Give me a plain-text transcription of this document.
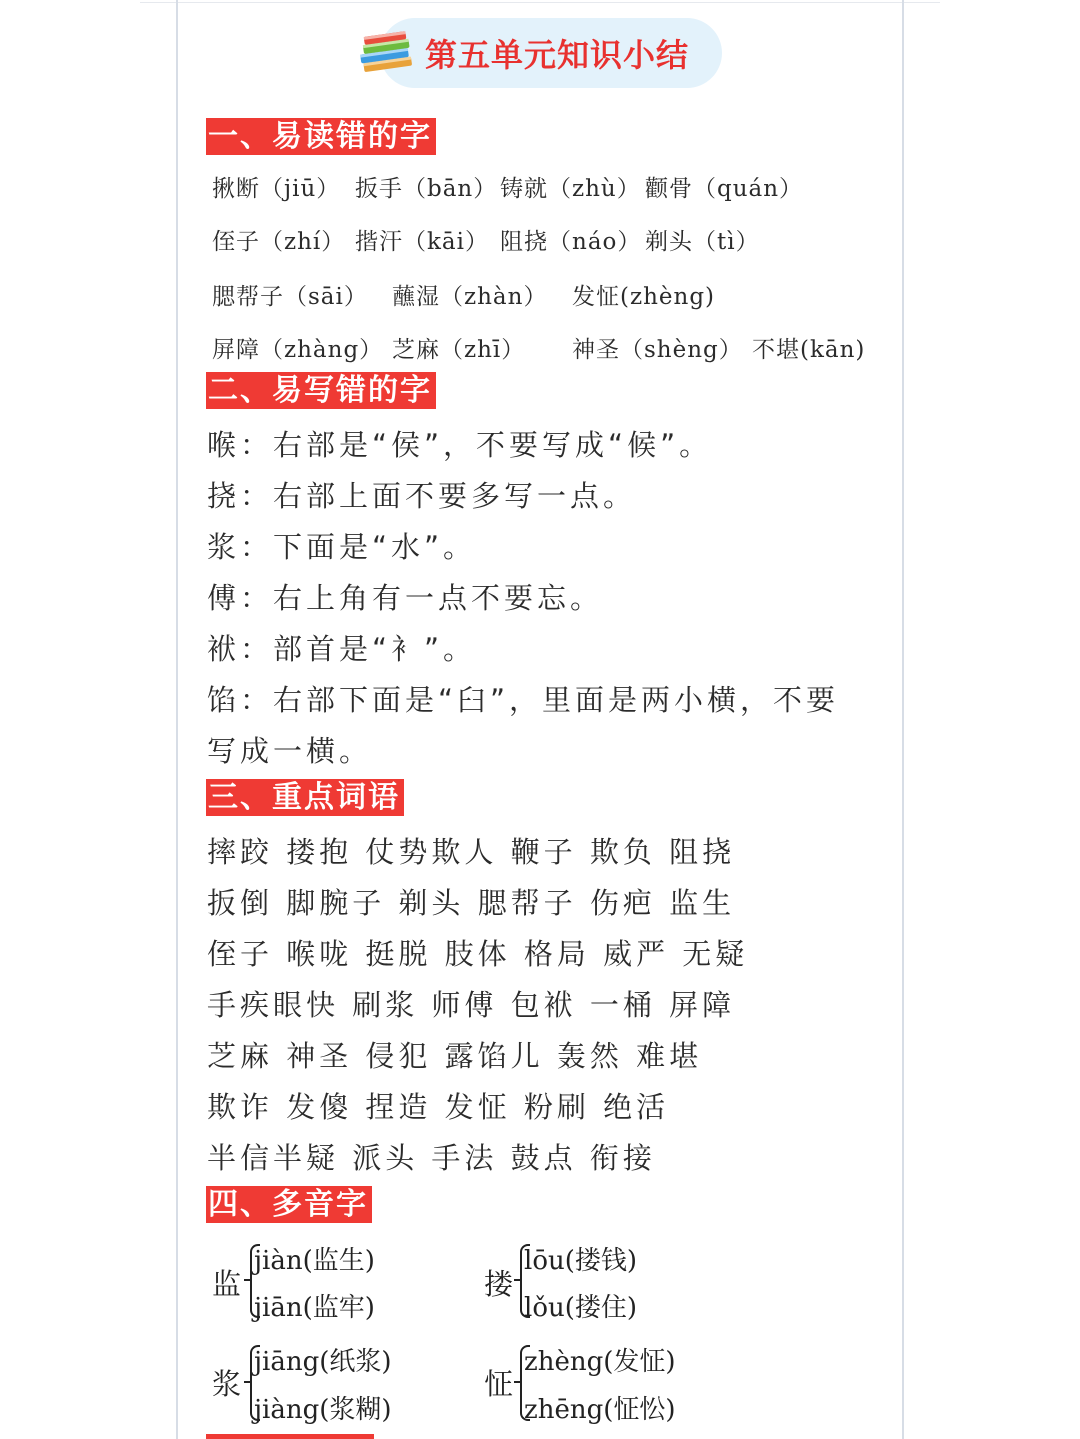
第五单元知识小结
一、易读错的字
揪断（jiū） 扳手（bān） 铸就（zhù） 颧骨（quán）
侄子（zhí） 揩汗（kāi） 阻挠（náo） 剃头（tì）
腮帮子（sāi） 蘸湿（zhàn） 发怔(zhèng)
屏障（zhàng） 芝麻（zhī） 神圣（shèng） 不堪(kān)
二、易写错的字
喉：右部是“侯”，不要写成“候”。
挠：右部上面不要多写一点。
浆：下面是“水”。
傅：右上角有一点不要忘。
袱：部首是“衤”。
馅：右部下面是“臼”，里面是两小横，不要
写成一横。
三、重点词语
摔跤 搂抱 仗势欺人 鞭子 欺负 阻挠
扳倒 脚腕子 剃头 腮帮子 伤疤 监生
侄子 喉咙 挺脱 肢体 格局 威严 无疑
手疾眼快 刷浆 师傅 包袱 一桶 屏障
芝麻 神圣 侵犯 露馅儿 轰然 难堪
欺诈 发傻 捏造 发怔 粉刷 绝活
半信半疑 派头 手法 鼓点 衔接
四、多音字
监
jiàn(监生)
jiān(监牢)
搂
lōu(搂钱)
lǒu(搂住)
浆
jiāng(纸浆)
jiàng(浆糊)
怔
zhèng(发怔)
zhēng(怔忪)
